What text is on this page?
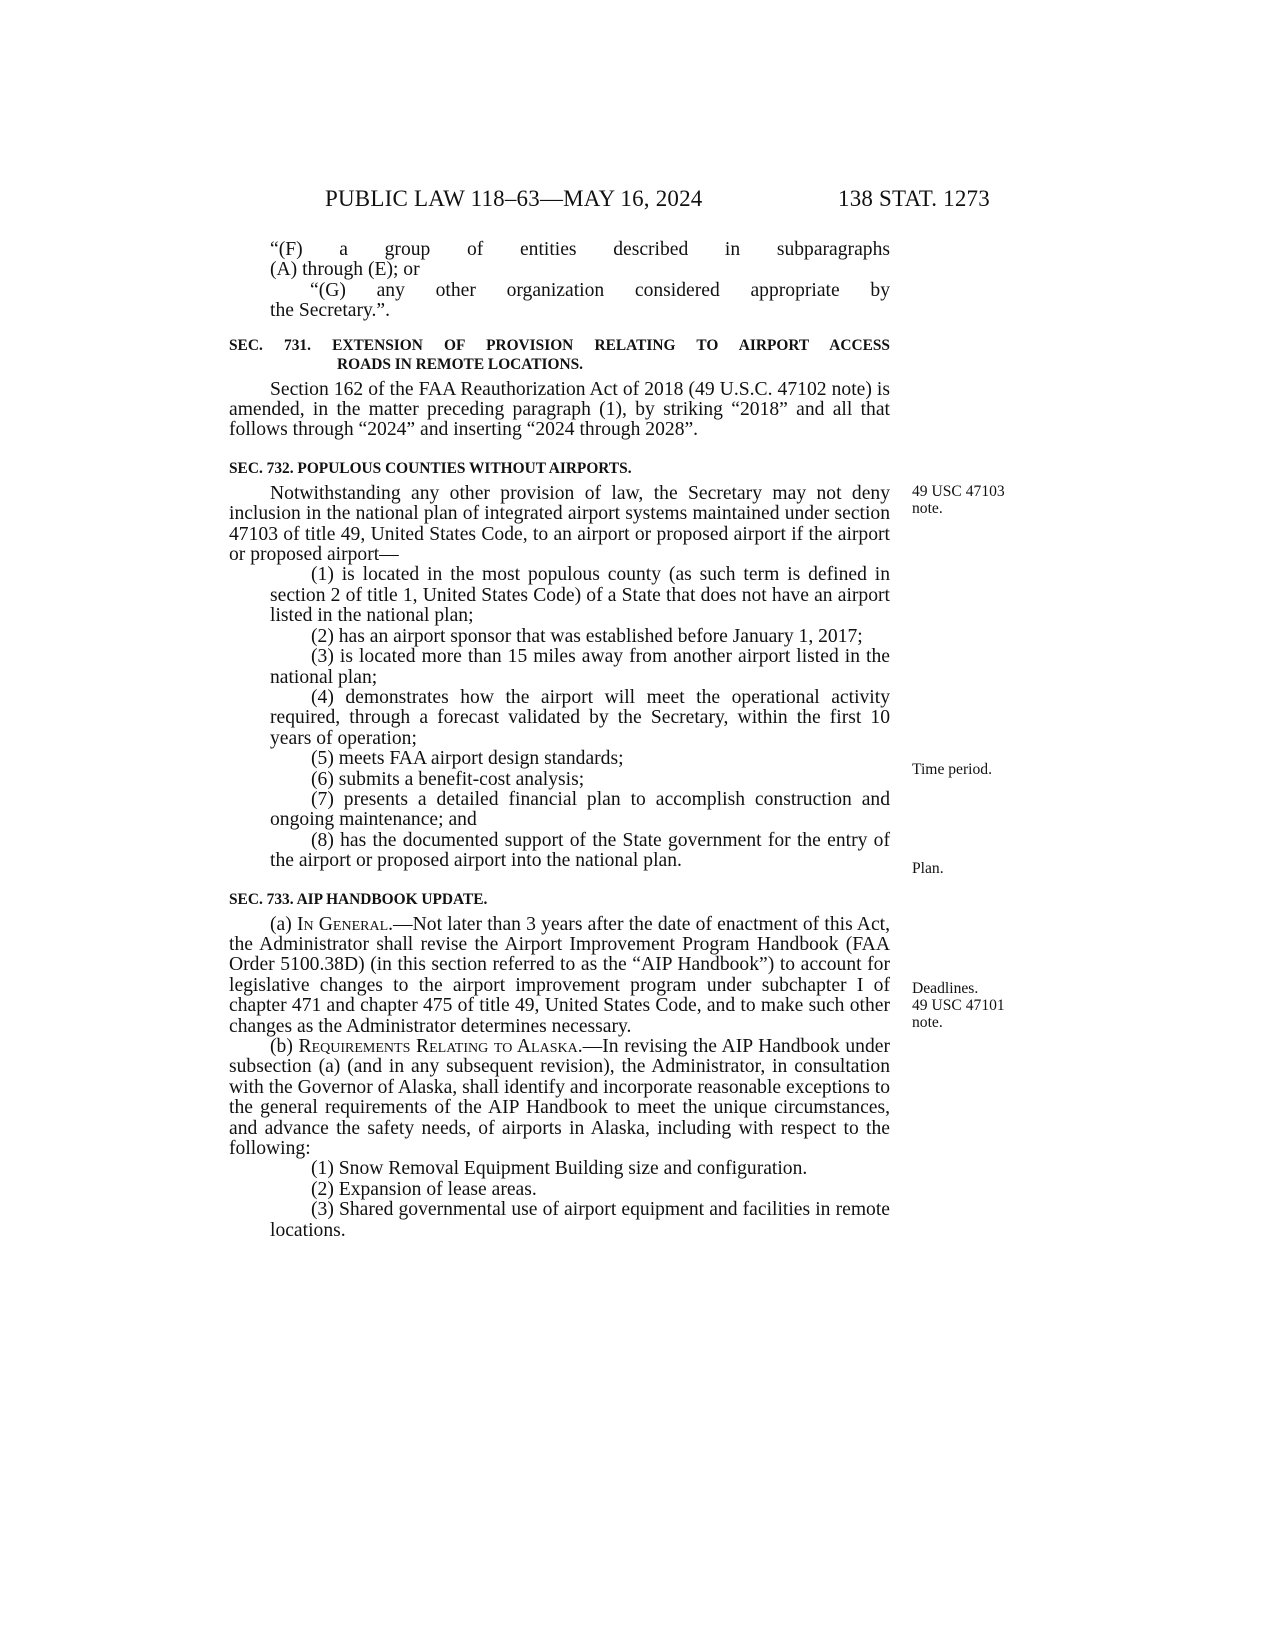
PUBLIC LAW 118–63—MAY 16, 2024	138 STAT. 1273

“(F) a group of entities described in subparagraphs
(A) through (E); or

“(G) any other organization considered appropriate by
the Secretary.”.

SEC. 731. EXTENSION OF PROVISION RELATING TO AIRPORT ACCESS
ROADS IN REMOTE LOCATIONS.

Section 162 of the FAA Reauthorization Act of 2018 (49 U.S.C. 47102 note) is amended, in the matter preceding paragraph (1), by striking “2018” and all that follows through “2024” and inserting “2024 through 2028”.

SEC. 732. POPULOUS COUNTIES WITHOUT AIRPORTS.

Notwithstanding any other provision of law, the Secretary may not deny inclusion in the national plan of integrated airport systems maintained under section 47103 of title 49, United States Code, to an airport or proposed airport if the airport or proposed airport—

(1) is located in the most populous county (as such term is defined in section 2 of title 1, United States Code) of a State that does not have an airport listed in the national plan;

(2) has an airport sponsor that was established before January 1, 2017;

(3) is located more than 15 miles away from another airport listed in the national plan;

(4) demonstrates how the airport will meet the operational activity required, through a forecast validated by the Secretary, within the first 10 years of operation;

(5) meets FAA airport design standards;

(6) submits a benefit-cost analysis;

(7) presents a detailed financial plan to accomplish construction and ongoing maintenance; and

(8) has the documented support of the State government for the entry of the airport or proposed airport into the national plan.

SEC. 733. AIP HANDBOOK UPDATE.

(a) In General.—Not later than 3 years after the date of enactment of this Act, the Administrator shall revise the Airport Improvement Program Handbook (FAA Order 5100.38D) (in this section referred to as the “AIP Handbook”) to account for legislative changes to the airport improvement program under subchapter I of chapter 471 and chapter 475 of title 49, United States Code, and to make such other changes as the Administrator determines necessary.

(b) Requirements Relating to Alaska.—In revising the AIP Handbook under subsection (a) (and in any subsequent revision), the Administrator, in consultation with the Governor of Alaska, shall identify and incorporate reasonable exceptions to the general requirements of the AIP Handbook to meet the unique circumstances, and advance the safety needs, of airports in Alaska, including with respect to the following:

(1) Snow Removal Equipment Building size and configuration.

(2) Expansion of lease areas.

(3) Shared governmental use of airport equipment and facilities in remote locations.

49 USC 47103
note.
Time period.
Plan.
Deadlines.
49 USC 47101
note.
